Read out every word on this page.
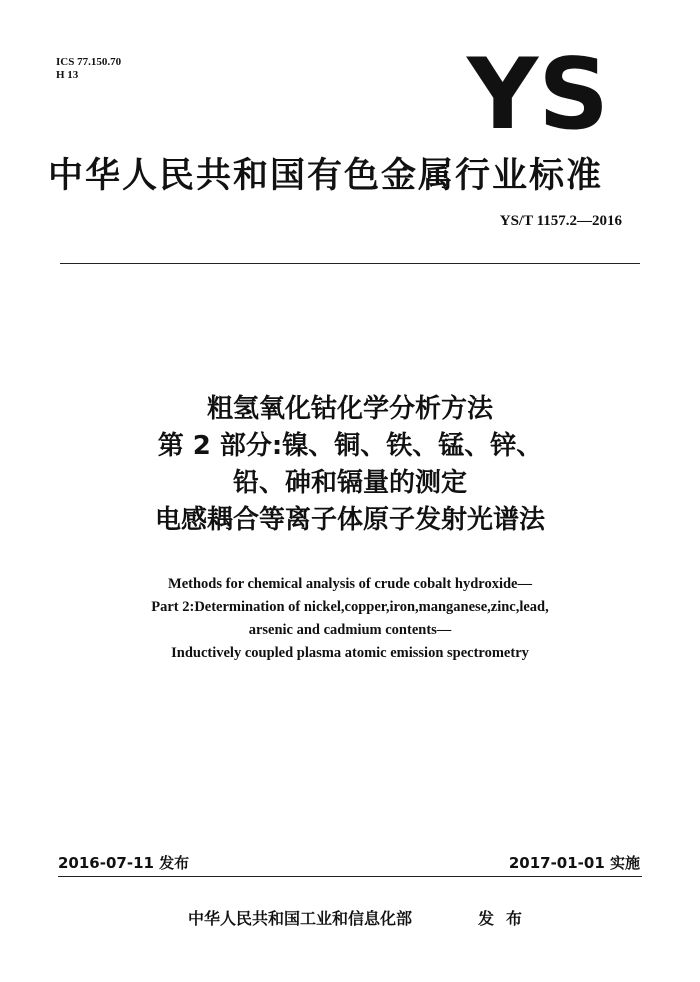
ICS 77.150.70
H 13	YS
中华人民共和国有色金属行业标准
YS/T 1157.2—2016
粗氢氧化钴化学分析方法
第 2 部分:镍、铜、铁、锰、锌、
铅、砷和镉量的测定
电感耦合等离子体原子发射光谱法
Methods for chemical analysis of crude cobalt hydroxide—
Part 2:Determination of nickel,copper,iron,manganese,zinc,lead,
arsenic and cadmium contents—
Inductively coupled plasma atomic emission spectrometry
2016-07-11 发布	2017-01-01 实施
中华人民共和国工业和信息化部	发布
